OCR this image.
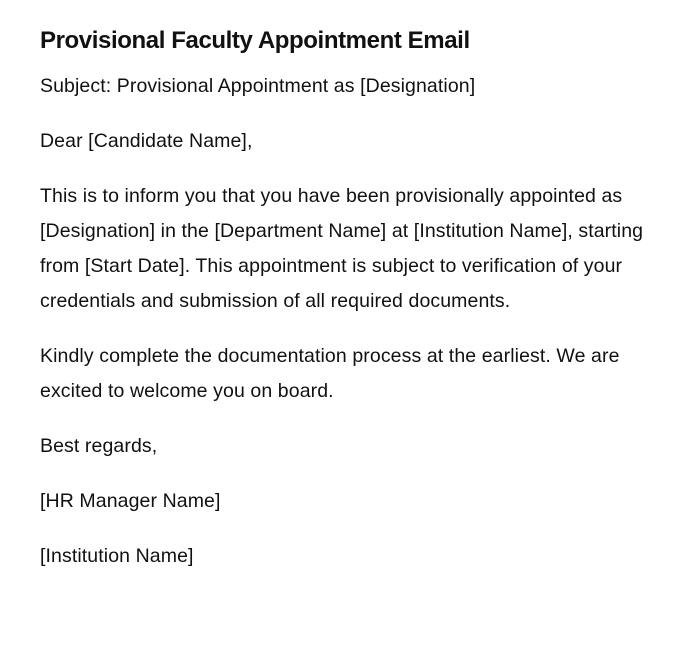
Provisional Faculty Appointment Email

Subject: Provisional Appointment as [Designation]

Dear [Candidate Name],

This is to inform you that you have been provisionally appointed as [Designation] in the [Department Name] at [Institution Name], starting from [Start Date]. This appointment is subject to verification of your credentials and submission of all required documents.

Kindly complete the documentation process at the earliest. We are excited to welcome you on board.

Best regards,

[HR Manager Name]

[Institution Name]
